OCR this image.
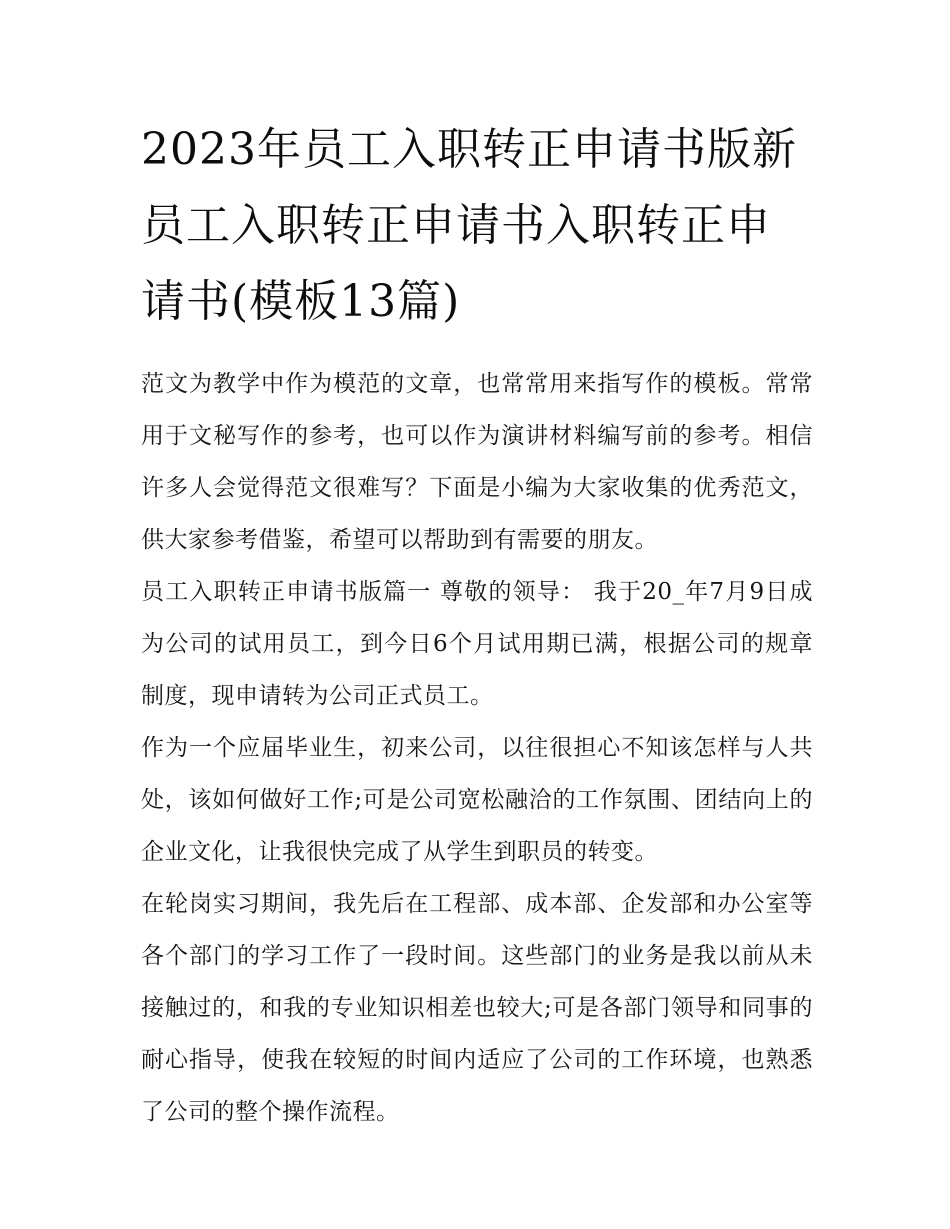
2023年员工入职转正申请书版新员工入职转正申请书入职转正申请书(模板13篇)

范文为教学中作为模范的文章，也常常用来指写作的模板。常常用于文秘写作的参考，也可以作为演讲材料编写前的参考。相信许多人会觉得范文很难写？下面是小编为大家收集的优秀范文，供大家参考借鉴，希望可以帮助到有需要的朋友。

员工入职转正申请书版篇一 尊敬的领导： 我于20_年7月9日成为公司的试用员工，到今日6个月试用期已满，根据公司的规章制度，现申请转为公司正式员工。

作为一个应届毕业生，初来公司，以往很担心不知该怎样与人共处，该如何做好工作;可是公司宽松融洽的工作氛围、团结向上的企业文化，让我很快完成了从学生到职员的转变。

在轮岗实习期间，我先后在工程部、成本部、企发部和办公室等各个部门的学习工作了一段时间。这些部门的业务是我以前从未接触过的，和我的专业知识相差也较大;可是各部门领导和同事的耐心指导，使我在较短的时间内适应了公司的工作环境，也熟悉了公司的整个操作流程。
